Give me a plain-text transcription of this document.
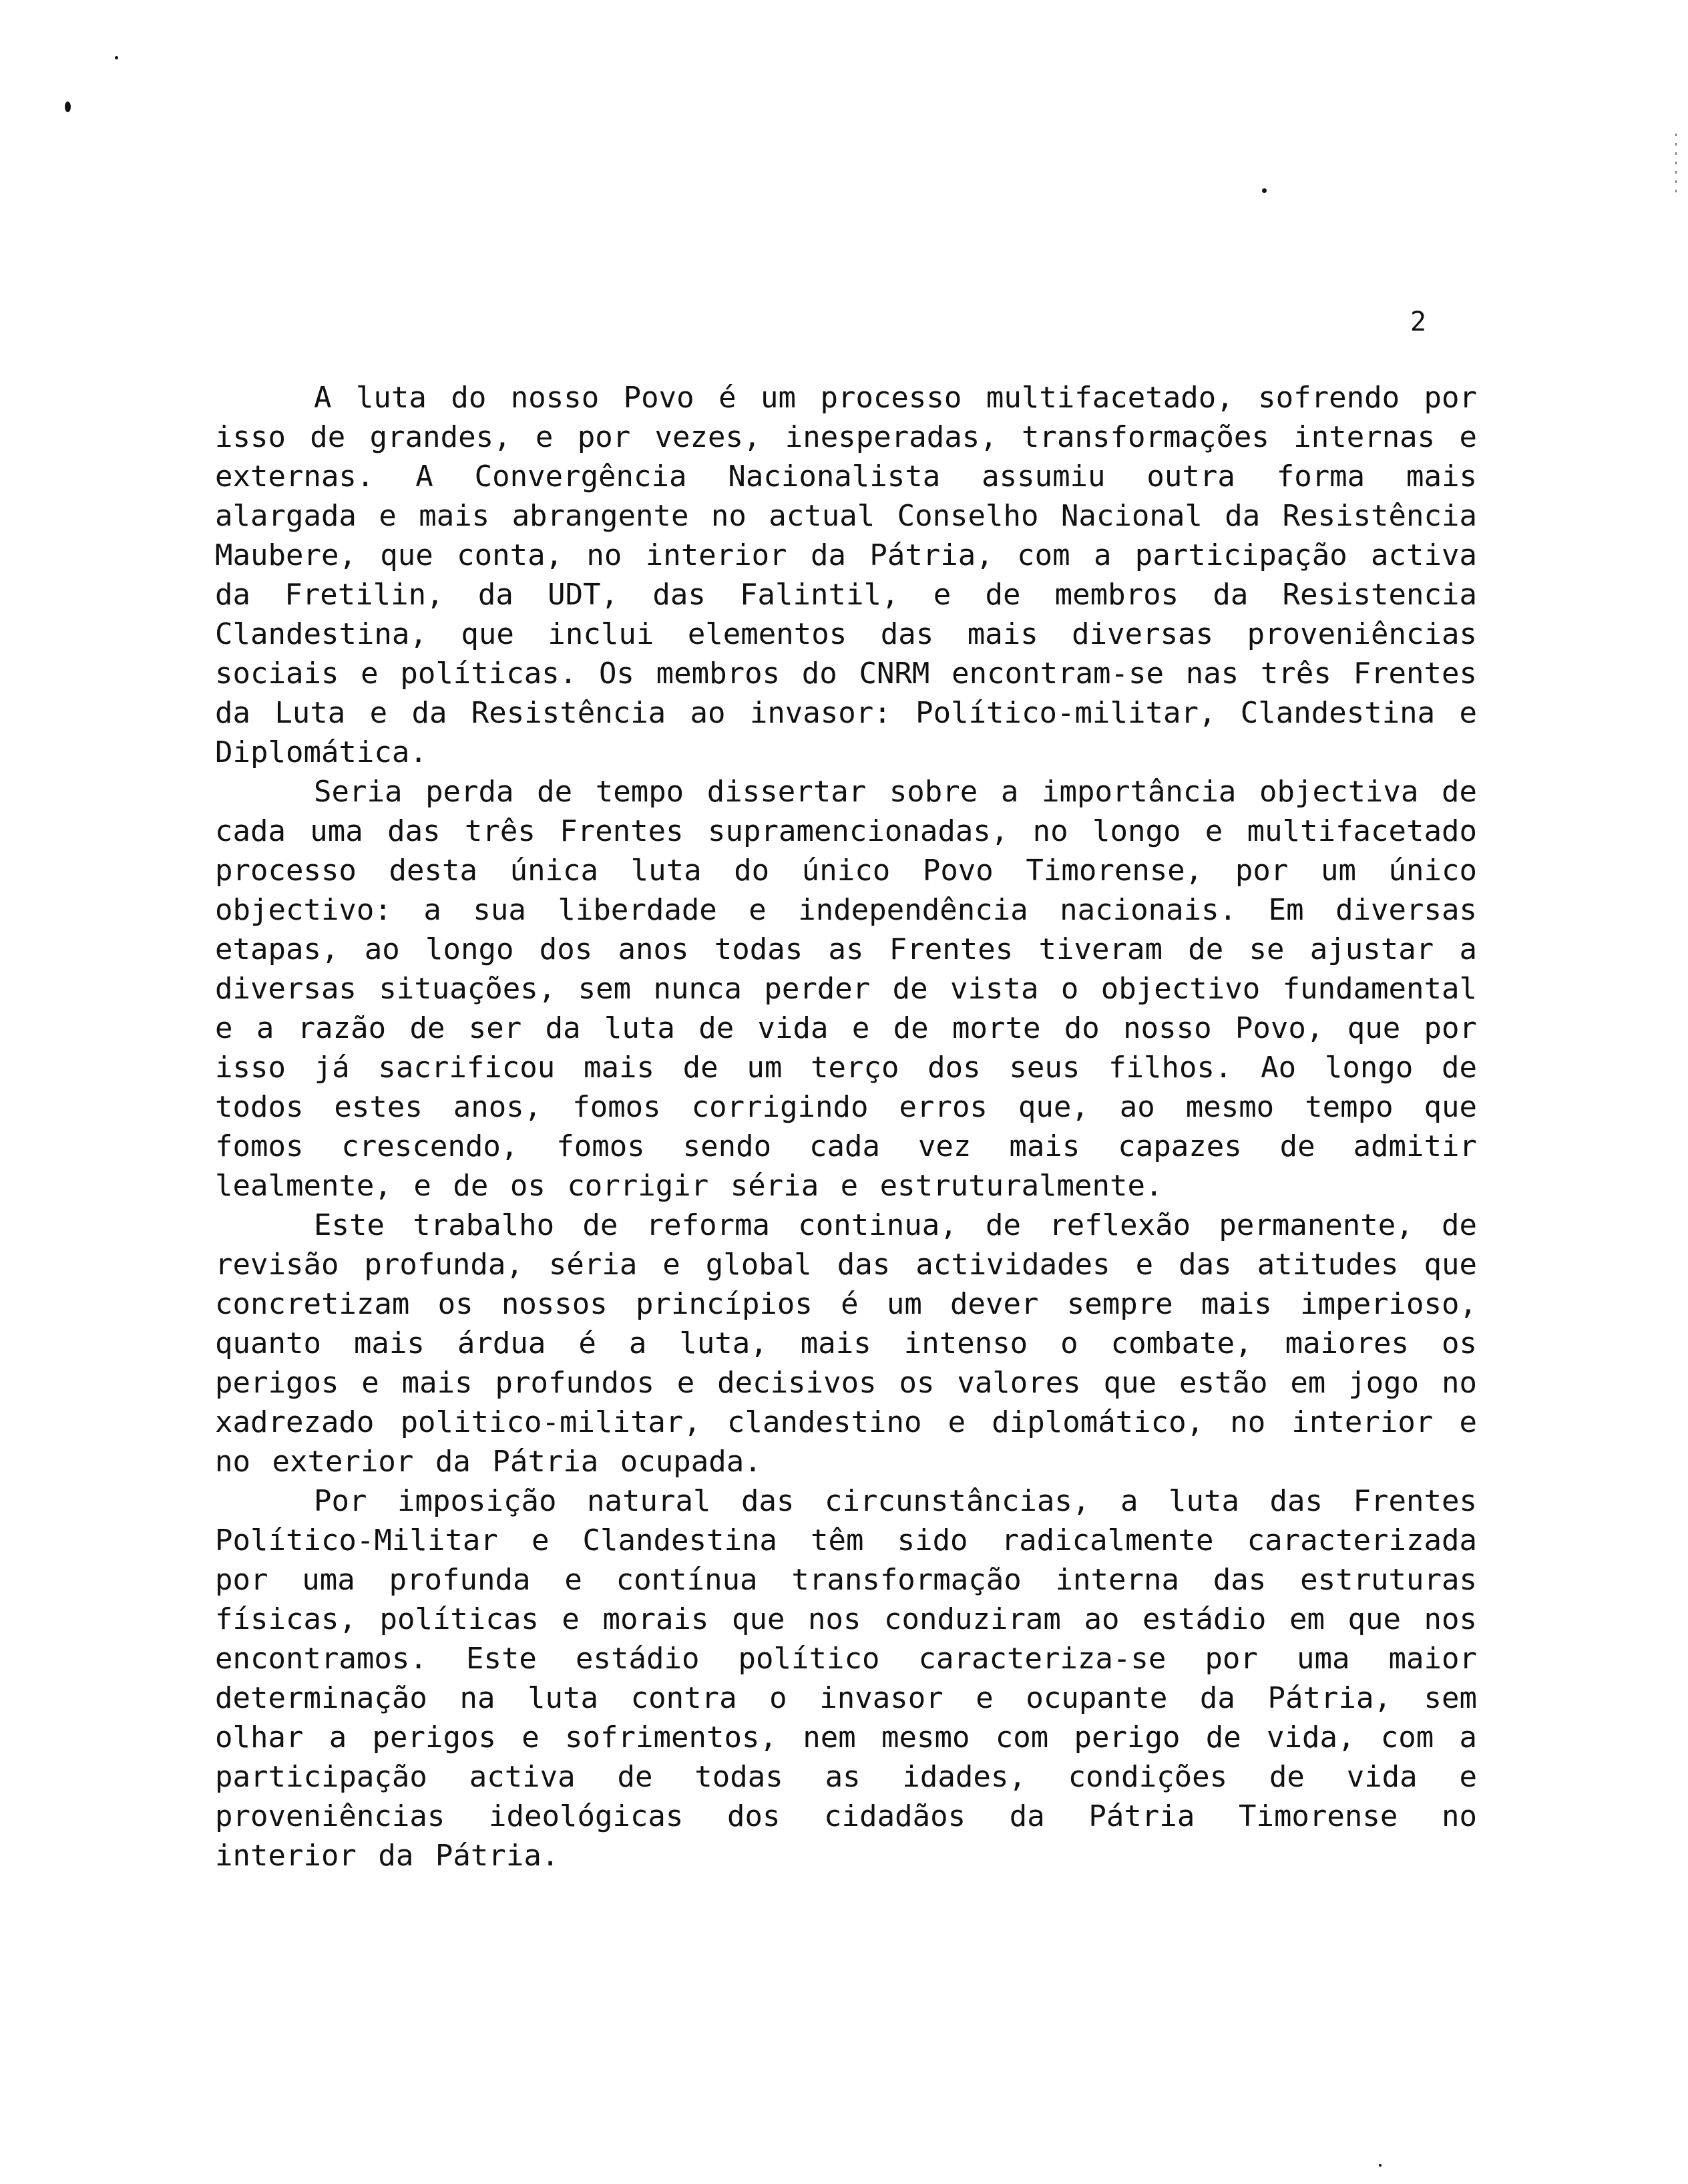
2

A luta do nosso Povo é um processo multifacetado, sofrendo por isso de grandes, e por vezes, inesperadas, transformações internas e externas. A Convergência Nacionalista assumiu outra forma mais alargada e mais abrangente no actual Conselho Nacional da Resistência Maubere, que conta, no interior da Pátria, com a participação activa da Fretilin, da UDT, das Falintil, e de membros da Resistencia Clandestina, que inclui elementos das mais diversas proveniências sociais e políticas. Os membros do CNRM encontram-se nas três Frentes da Luta e da Resistência ao invasor: Político-militar, Clandestina e Diplomática.

Seria perda de tempo dissertar sobre a importância objectiva de cada uma das três Frentes supramencionadas, no longo e multifacetado processo desta única luta do único Povo Timorense, por um único objectivo: a sua liberdade e independência nacionais. Em diversas etapas, ao longo dos anos todas as Frentes tiveram de se ajustar a diversas situações, sem nunca perder de vista o objectivo fundamental e a razão de ser da luta de vida e de morte do nosso Povo, que por isso já sacrificou mais de um terço dos seus filhos. Ao longo de todos estes anos, fomos corrigindo erros que, ao mesmo tempo que fomos crescendo, fomos sendo cada vez mais capazes de admitir lealmente, e de os corrigir séria e estruturalmente.

Este trabalho de reforma continua, de reflexão permanente, de revisão profunda, séria e global das actividades e das atitudes que concretizam os nossos princípios é um dever sempre mais imperioso, quanto mais árdua é a luta, mais intenso o combate, maiores os perigos e mais profundos e decisivos os valores que estão em jogo no xadrezado politico-militar, clandestino e diplomático, no interior e no exterior da Pátria ocupada.

Por imposição natural das circunstâncias, a luta das Frentes Político-Militar e Clandestina têm sido radicalmente caracterizada por uma profunda e contínua transformação interna das estruturas físicas, políticas e morais que nos conduziram ao estádio em que nos encontramos. Este estádio político caracteriza-se por uma maior determinação na luta contra o invasor e ocupante da Pátria, sem olhar a perigos e sofrimentos, nem mesmo com perigo de vida, com a participação activa de todas as idades, condições de vida e proveniências ideológicas dos cidadãos da Pátria Timorense no interior da Pátria.
